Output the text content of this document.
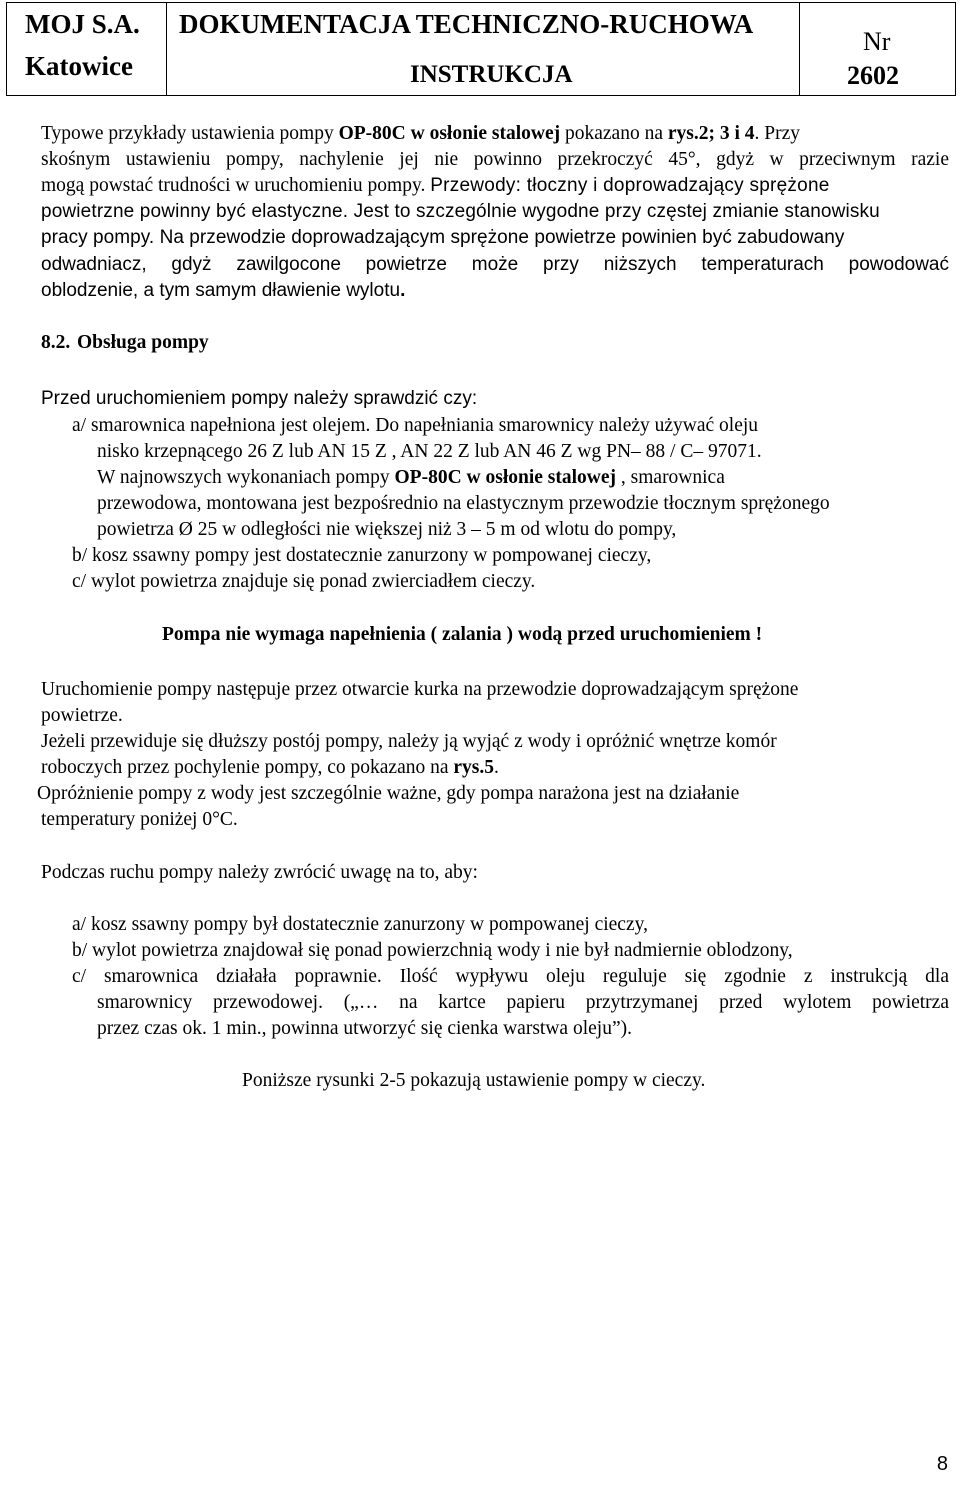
MOJ S.A.
Katowice
DOKUMENTACJA TECHNICZNO-RUCHOWA
INSTRUKCJA
Nr
2602
Typowe przykłady ustawienia pompy OP-80C w osłonie stalowej pokazano na rys.2; 3 i 4. Przy
skośnym ustawieniu pompy, nachylenie jej nie powinno przekroczyć 45°, gdyż w przeciwnym razie
mogą powstać trudności w uruchomieniu pompy. Przewody: tłoczny i doprowadzający sprężone
powietrzne powinny być elastyczne. Jest to szczególnie wygodne przy częstej zmianie stanowisku
pracy pompy. Na przewodzie doprowadzającym sprężone powietrze powinien być zabudowany
odwadniacz, gdyż zawilgocone powietrze może przy niższych temperaturach powodować
oblodzenie, a tym samym dławienie wylotu.
8.2. Obsługa pompy
Przed uruchomieniem pompy należy sprawdzić czy:
a/ smarownica napełniona jest olejem. Do napełniania smarownicy należy używać oleju
nisko krzepnącego 26 Z lub AN 15 Z , AN 22 Z lub AN 46 Z wg PN– 88 / C– 97071.
W najnowszych wykonaniach pompy OP-80C w osłonie stalowej , smarownica
przewodowa, montowana jest bezpośrednio na elastycznym przewodzie tłocznym sprężonego
powietrza Ø 25 w odległości nie większej niż 3 – 5 m od wlotu do pompy,
b/ kosz ssawny pompy jest dostatecznie zanurzony w pompowanej cieczy,
c/ wylot powietrza znajduje się ponad zwierciadłem cieczy.
Pompa nie wymaga napełnienia ( zalania ) wodą przed uruchomieniem !
Uruchomienie pompy następuje przez otwarcie kurka na przewodzie doprowadzającym sprężone
powietrze.
Jeżeli przewiduje się dłuższy postój pompy, należy ją wyjąć z wody i opróżnić wnętrze komór
roboczych przez pochylenie pompy, co pokazano na rys.5.
Opróżnienie pompy z wody jest szczególnie ważne, gdy pompa narażona jest na działanie
temperatury poniżej 0°C.
Podczas ruchu pompy należy zwrócić uwagę na to, aby:
a/ kosz ssawny pompy był dostatecznie zanurzony w pompowanej cieczy,
b/ wylot powietrza znajdował się ponad powierzchnią wody i nie był nadmiernie oblodzony,
c/ smarownica działała poprawnie. Ilość wypływu oleju reguluje się zgodnie z instrukcją dla
smarownicy przewodowej. („… na kartce papieru przytrzymanej przed wylotem powietrza
przez czas ok. 1 min., powinna utworzyć się cienka warstwa oleju”).
Poniższe rysunki 2-5 pokazują ustawienie pompy w cieczy.
8
